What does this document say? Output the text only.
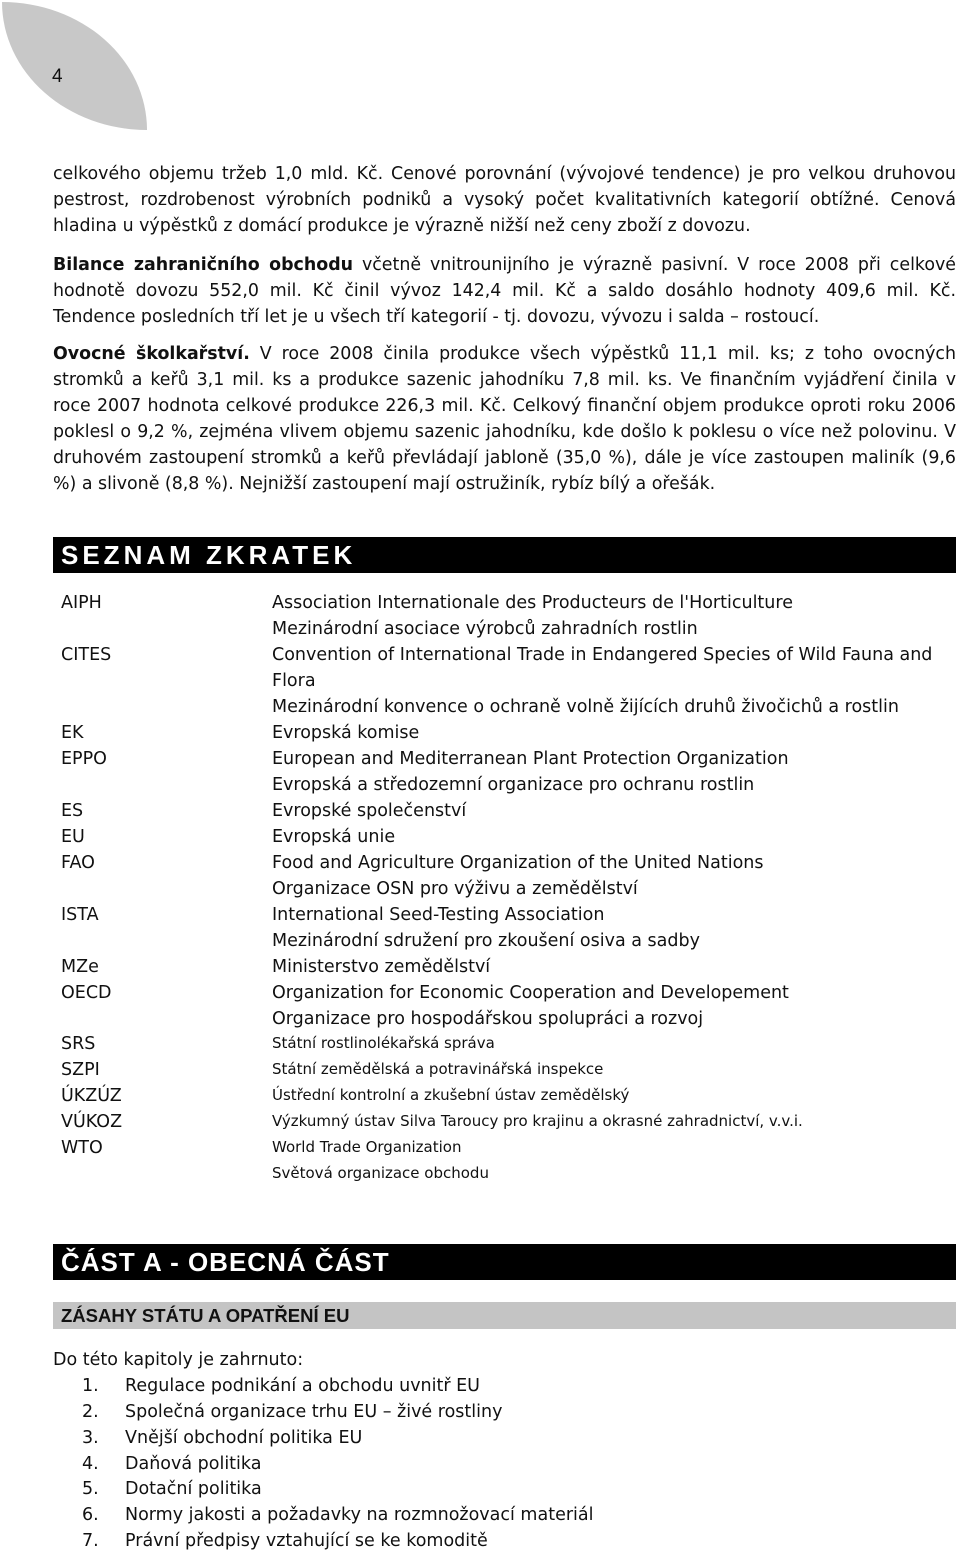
4

celkového objemu tržeb 1,0 mld. Kč. Cenové porovnání (vývojové tendence) je pro velkou druhovou pestrost, rozdrobenost výrobních podniků a vysoký počet kvalitativních kategorií obtížné. Cenová hladina u výpěstků z domácí produkce je výrazně nižší než ceny zboží z dovozu.

Bilance zahraničního obchodu včetně vnitrounijního je výrazně pasivní. V roce 2008 při celkové hodnotě dovozu 552,0 mil. Kč činil vývoz 142,4 mil. Kč a saldo dosáhlo hodnoty 409,6 mil. Kč. Tendence posledních tří let je u všech tří kategorií - tj. dovozu, vývozu i salda – rostoucí.

Ovocné školkařství. V roce 2008 činila produkce všech výpěstků 11,1 mil. ks; z toho ovocných stromků a keřů 3,1 mil. ks a produkce sazenic jahodníku 7,8 mil. ks. Ve finančním vyjádření činila v roce 2007 hodnota celkové produkce 226,3 mil. Kč. Celkový finanční objem produkce oproti roku 2006 poklesl o 9,2 %, zejména vlivem objemu sazenic jahodníku, kde došlo k poklesu o více než polovinu. V druhovém zastoupení stromků a keřů převládají jabloně (35,0 %), dále je více zastoupen maliník (9,6 %) a slivoně (8,8 %). Nejnižší zastoupení mají ostružiník, rybíz bílý a ořešák.

SEZNAM ZKRATEK
AIPH	Association Internationale des Producteurs de l'Horticulture
Mezinárodní asociace výrobců zahradních rostlin
CITES	Convention of International Trade in Endangered Species of Wild Fauna and
Flora
Mezinárodní konvence o ochraně volně žijících druhů živočichů a rostlin
EK	Evropská komise
EPPO	European and Mediterranean Plant Protection Organization
Evropská a středozemní organizace pro ochranu rostlin
ES	Evropské společenství
EU	Evropská unie
FAO	Food and Agriculture Organization of the United Nations
Organizace OSN pro výživu a zemědělství
ISTA	International Seed-Testing Association
Mezinárodní sdružení pro zkoušení osiva a sadby
MZe	Ministerstvo zemědělství
OECD	Organization for Economic Cooperation and Developement
Organizace pro hospodářskou spolupráci a rozvoj
SRS	Státní rostlinolékařská správa
SZPI	Státní zemědělská a potravinářská inspekce
ÚKZÚZ	Ústřední kontrolní a zkušební ústav zemědělský
VÚKOZ	Výzkumný ústav Silva Taroucy pro krajinu a okrasné zahradnictví, v.v.i.
WTO	World Trade Organization
Světová organizace obchodu
ČÁST A - OBECNÁ ČÁST
ZÁSAHY STÁTU A OPATŘENÍ EU
Do této kapitoly je zahrnuto:
1. Regulace podnikání a obchodu uvnitř EU
2. Společná organizace trhu EU – živé rostliny
3. Vnější obchodní politika EU
4. Daňová politika
5. Dotační politika
6. Normy jakosti a požadavky na rozmnožovací materiál
7. Právní předpisy vztahující se ke komoditě
